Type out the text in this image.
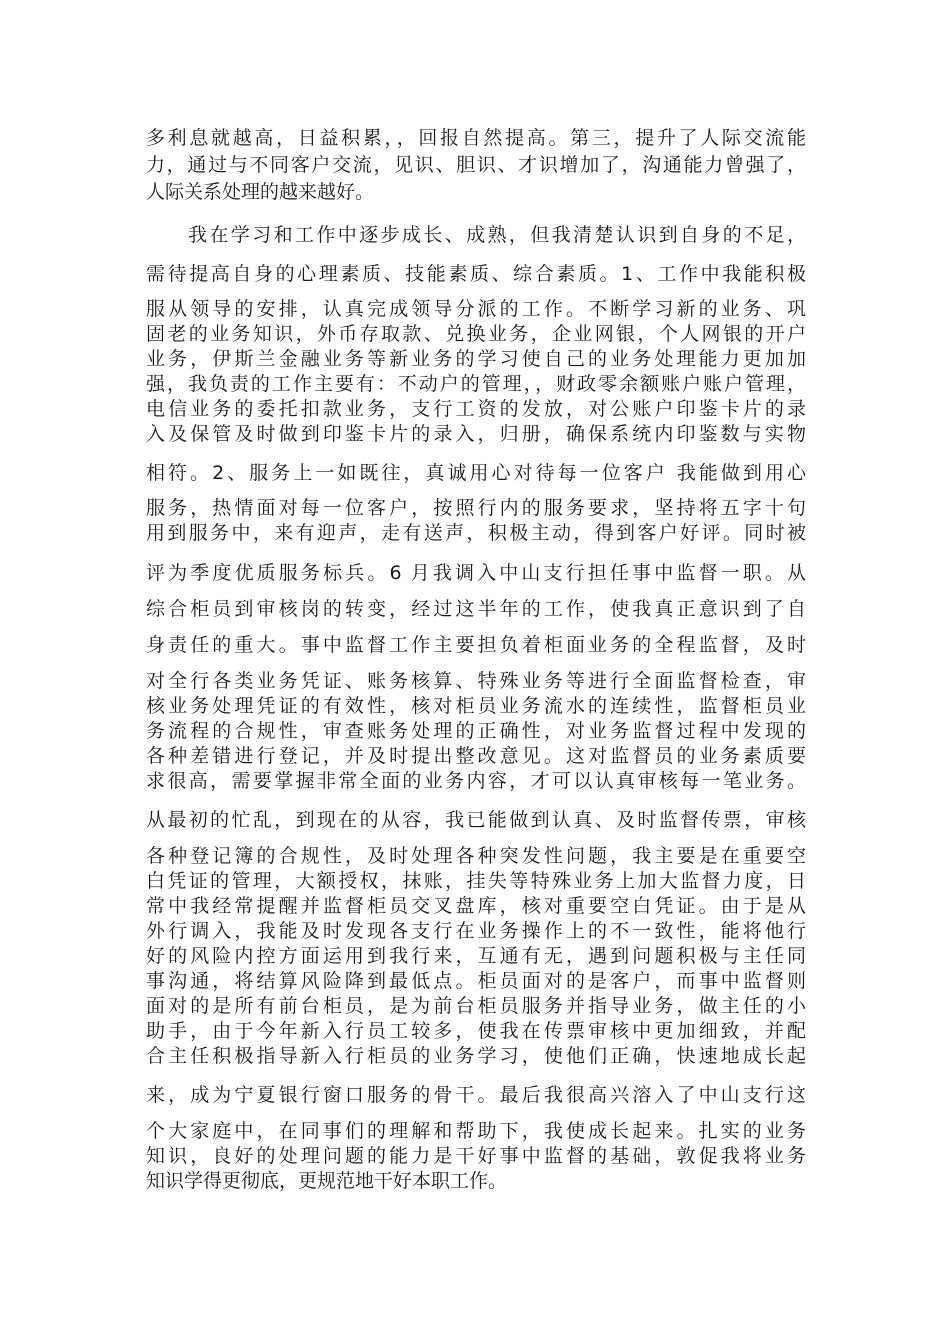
多利息就越高，日益积累，，回报自然提高。第三，提升了人际交流能

力，通过与不同客户交流，见识、胆识、才识增加了，沟通能力曾强了，

人际关系处理的越来越好。

我在学习和工作中逐步成长、成熟，但我清楚认识到自身的不足，

需待提高自身的心理素质、技能素质、综合素质。1、工作中我能积极

服从领导的安排，认真完成领导分派的工作。不断学习新的业务、巩

固老的业务知识，外币存取款、兑换业务，企业网银，个人网银的开户

业务，伊斯兰金融业务等新业务的学习使自己的业务处理能力更加加

强，我负责的工作主要有：不动户的管理，，财政零余额账户账户管理，

电信业务的委托扣款业务，支行工资的发放，对公账户印鉴卡片的录

入及保管及时做到印鉴卡片的录入，归册，确保系统内印鉴数与实物

相符。2、服务上一如既往，真诚用心对待每一位客户 我能做到用心

服务，热情面对每一位客户，按照行内的服务要求，坚持将五字十句

用到服务中，来有迎声，走有送声，积极主动，得到客户好评。同时被

评为季度优质服务标兵。6 月我调入中山支行担任事中监督一职。从

综合柜员到审核岗的转变，经过这半年的工作，使我真正意识到了自

身责任的重大。事中监督工作主要担负着柜面业务的全程监督，及时

对全行各类业务凭证、账务核算、特殊业务等进行全面监督检查，审

核业务处理凭证的有效性，核对柜员业务流水的连续性，监督柜员业

务流程的合规性，审查账务处理的正确性，对业务监督过程中发现的

各种差错进行登记，并及时提出整改意见。这对监督员的业务素质要

求很高，需要掌握非常全面的业务内容，才可以认真审核每一笔业务。

从最初的忙乱，到现在的从容，我已能做到认真、及时监督传票，审核

各种登记簿的合规性，及时处理各种突发性问题，我主要是在重要空

白凭证的管理，大额授权，抹账，挂失等特殊业务上加大监督力度，日

常中我经常提醒并监督柜员交叉盘库，核对重要空白凭证。由于是从

外行调入，我能及时发现各支行在业务操作上的不一致性，能将他行

好的风险内控方面运用到我行来，互通有无，遇到问题积极与主任同

事沟通，将结算风险降到最低点。柜员面对的是客户，而事中监督则

面对的是所有前台柜员，是为前台柜员服务并指导业务，做主任的小

助手，由于今年新入行员工较多，使我在传票审核中更加细致，并配

合主任积极指导新入行柜员的业务学习，使他们正确，快速地成长起

来，成为宁夏银行窗口服务的骨干。最后我很高兴溶入了中山支行这

个大家庭中，在同事们的理解和帮助下，我使成长起来。扎实的业务

知识，良好的处理问题的能力是干好事中监督的基础，敦促我将业务

知识学得更彻底，更规范地干好本职工作。
